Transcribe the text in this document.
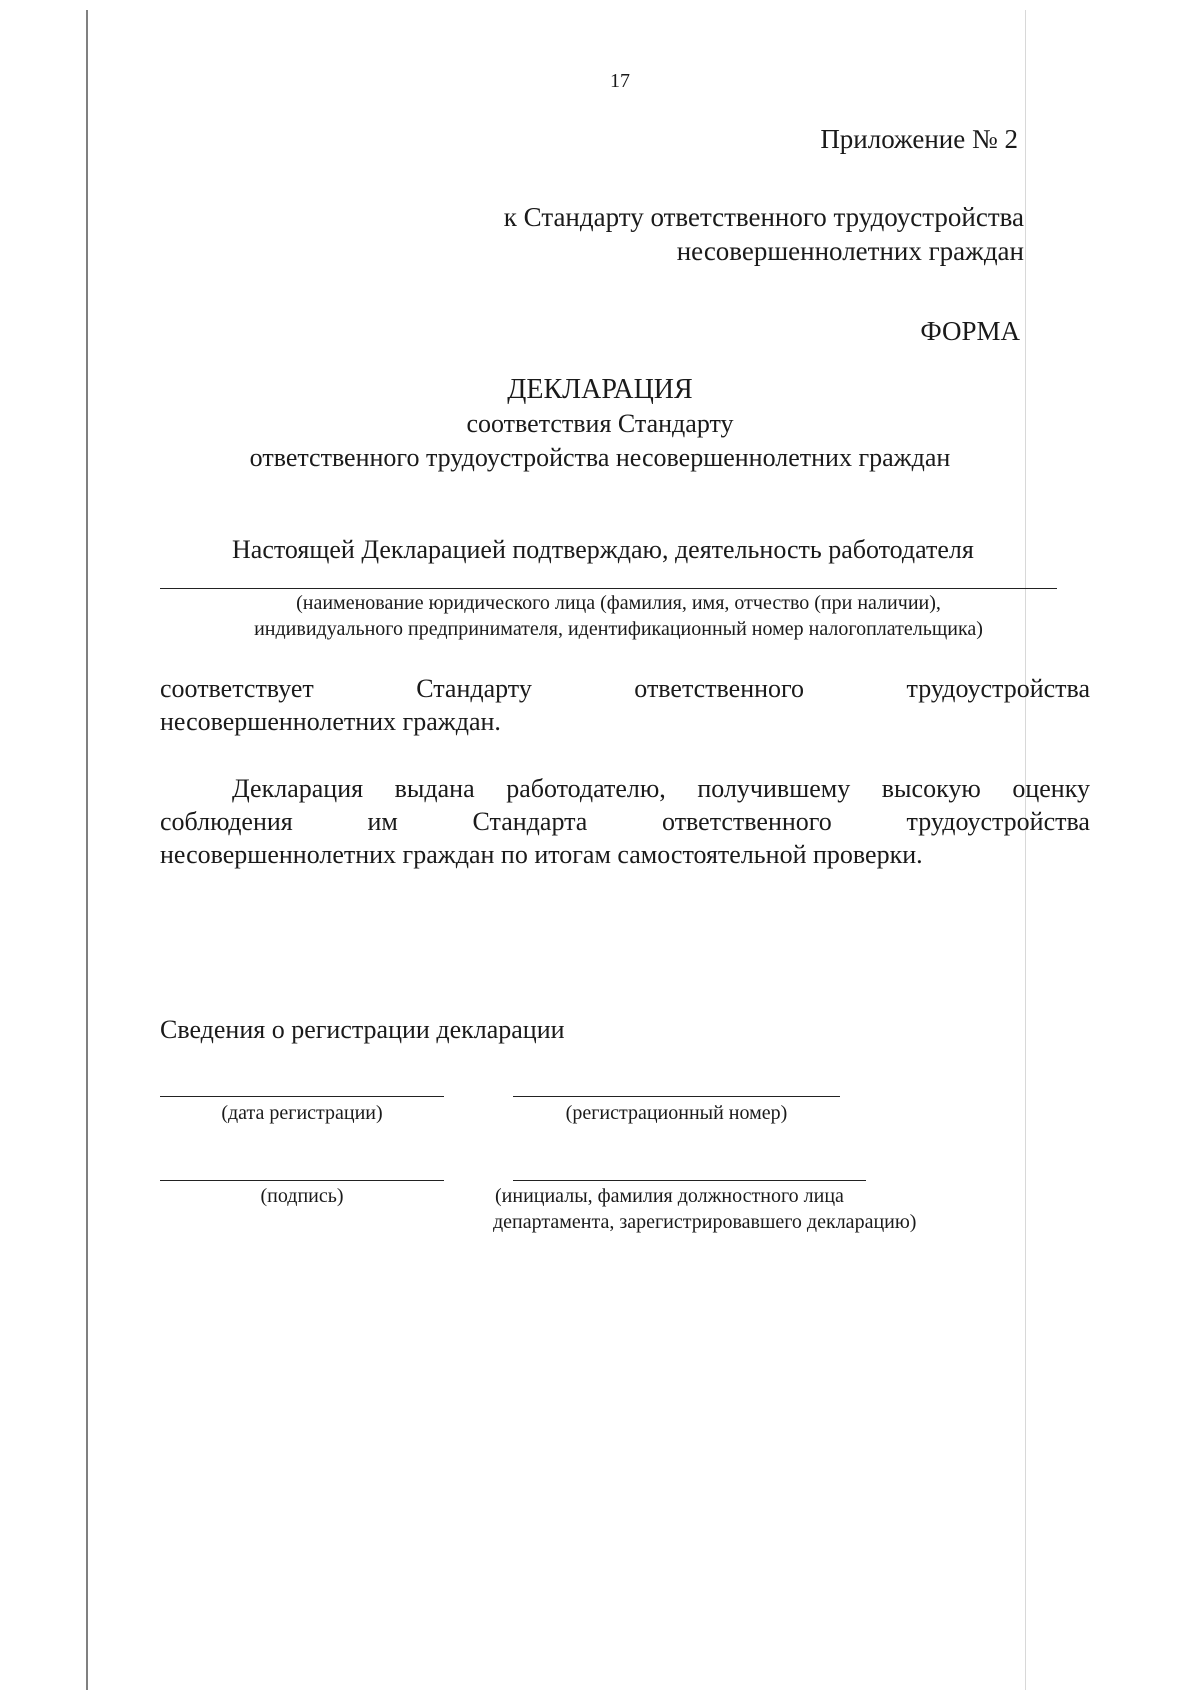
17
Приложение № 2
к Стандарту ответственного трудоустройства
несовершеннолетних граждан
ФОРМА
ДЕКЛАРАЦИЯ
соответствия Стандарту
ответственного трудоустройства несовершеннолетних граждан
Настоящей Декларацией подтверждаю, деятельность работодателя
(наименование юридического лица (фамилия, имя, отчество (при наличии),
индивидуального предпринимателя, идентификационный номер налогоплательщика)
соответствует	Стандарту	ответственного	трудоустройства
несовершеннолетних граждан.
Декларация выдана работодателю, получившему высокую оценку
соблюдения	им	Стандарта	ответственного	трудоустройства
несовершеннолетних граждан по итогам самостоятельной проверки.
Сведения о регистрации декларации
(дата регистрации)	(регистрационный номер)
(подпись)	(инициалы, фамилия должностного лица
департамента, зарегистрировавшего декларацию)
